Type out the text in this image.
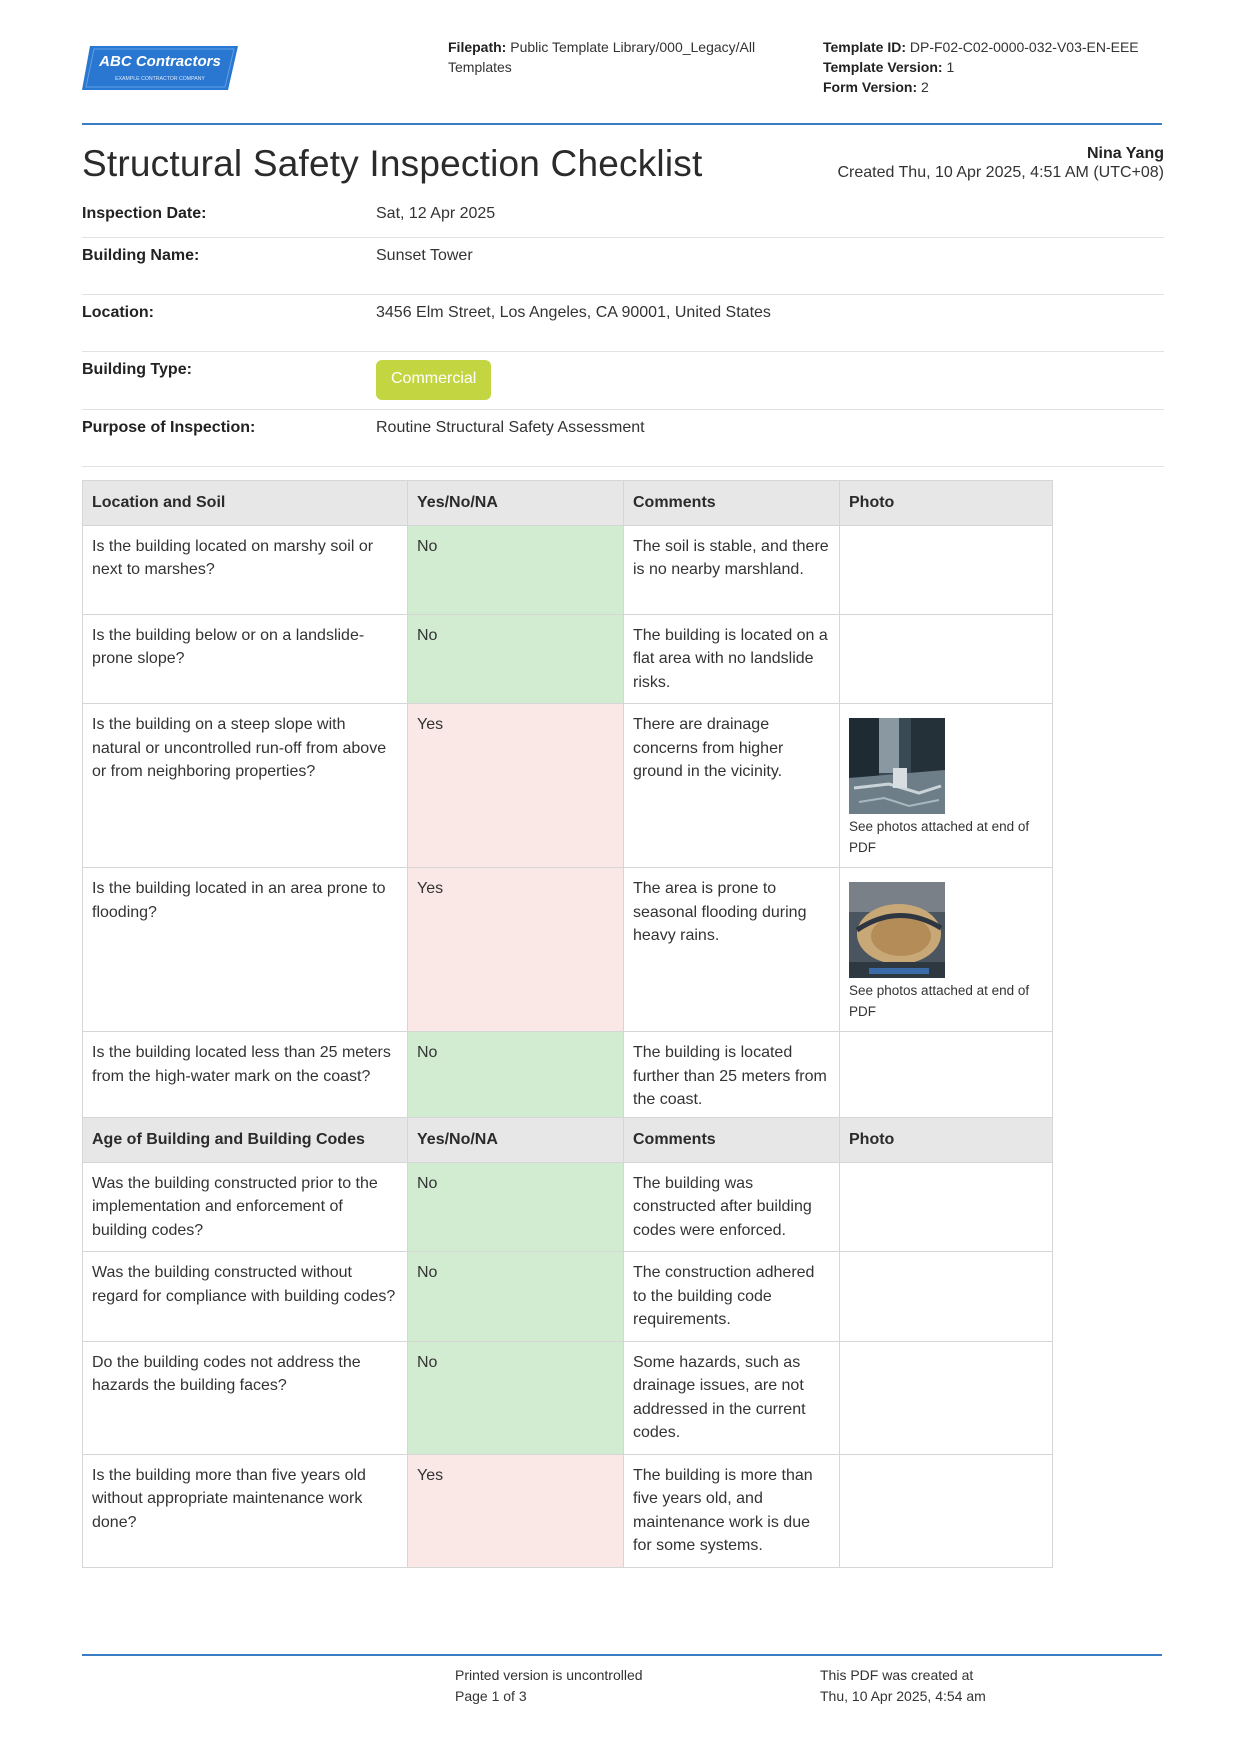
ABC Contractors
EXAMPLE CONTRACTOR COMPANY
Filepath: Public Template Library/000_Legacy/All Templates
Template ID: DP-F02-C02-0000-032-V03-EN-EEE
Template Version: 1
Form Version: 2
Structural Safety Inspection Checklist	Nina Yang
Created Thu, 10 Apr 2025, 4:51 AM (UTC+08)
Inspection Date:	Sat, 12 Apr 2025
Building Name:	Sunset Tower
Location:	3456 Elm Street, Los Angeles, CA 90001, United States
Building Type:
Commercial
Purpose of Inspection:	Routine Structural Safety Assessment
Location and Soil	Yes/No/NA	Comments	Photo
Is the building located on marshy soil or next to marshes?	No	The soil is stable, and there is no nearby marshland.	
Is the building below or on a landslide-prone slope?	No	The building is located on a flat area with no landslide risks.	
Is the building on a steep slope with natural or uncontrolled run-off from above or from neighboring properties?	Yes	There are drainage concerns from higher ground in the vicinity.	See photos attached at end of PDF

Is the building located in an area prone to flooding?	Yes	The area is prone to seasonal flooding during heavy rains.	See photos attached at end of PDF

Is the building located less than 25 meters from the high-water mark on the coast?	No	The building is located further than 25 meters from the coast.	
Age of Building and Building Codes	Yes/No/NA	Comments	Photo
Was the building constructed prior to the implementation and enforcement of building codes?	No	The building was constructed after building codes were enforced.	
Was the building constructed without regard for compliance with building codes?	No	The construction adhered to the building code requirements.	
Do the building codes not address the hazards the building faces?	No	Some hazards, such as drainage issues, are not addressed in the current codes.	
Is the building more than five years old without appropriate maintenance work done?	Yes	The building is more than five years old, and maintenance work is due for some systems.	
Printed version is uncontrolled
Page 1 of 3
This PDF was created at
Thu, 10 Apr 2025, 4:54 am
